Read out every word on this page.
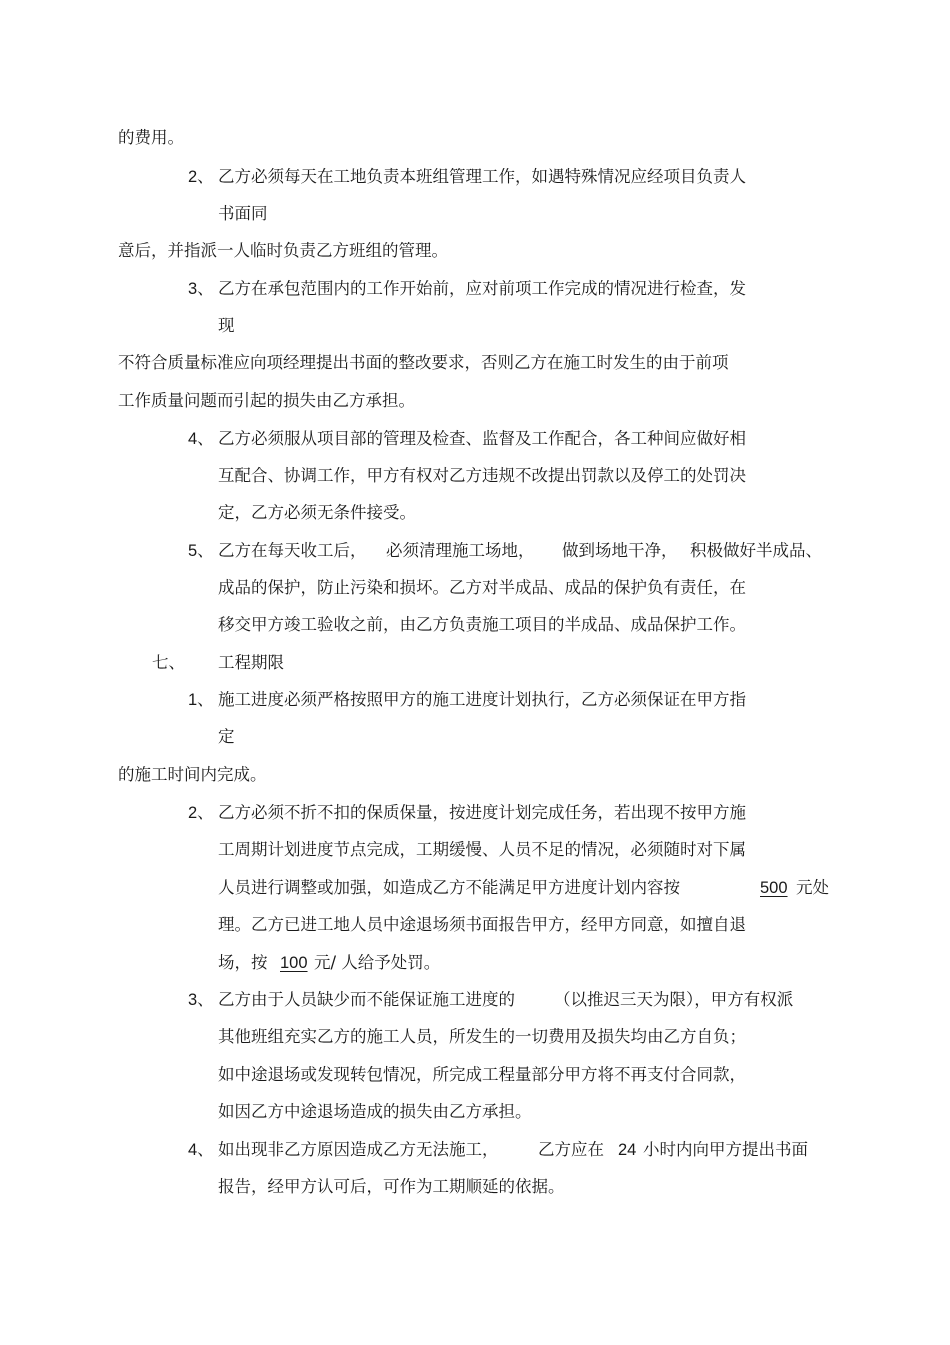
的费用。
2、 乙方必须每天在工地负责本班组管理工作，如遇特殊情况应经项目负责人
书面同
意后，并指派一人临时负责乙方班组的管理。
3、 乙方在承包范围内的工作开始前，应对前项工作完成的情况进行检查，发
现
不符合质量标准应向项经理提出书面的整改要求，否则乙方在施工时发生的由于前项
工作质量问题而引起的损失由乙方承担。
4、 乙方必须服从项目部的管理及检查、监督及工作配合，各工种间应做好相
互配合、协调工作，甲方有权对乙方违规不改提出罚款以及停工的处罚决
定，乙方必须无条件接受。
5、 乙方在每天收工后， 必须清理施工场地， 做到场地干净， 积极做好半成品、
成品的保护，防止污染和损坏。乙方对半成品、成品的保护负有责任，在
移交甲方竣工验收之前，由乙方负责施工项目的半成品、成品保护工作。
七、 工程期限
1、 施工进度必须严格按照甲方的施工进度计划执行，乙方必须保证在甲方指
定
的施工时间内完成。
2、 乙方必须不折不扣的保质保量，按进度计划完成任务，若出现不按甲方施
工周期计划进度节点完成，工期缓慢、人员不足的情况，必须随时对下属
人员进行调整或加强，如造成乙方不能满足甲方进度计划内容按	500 元处
理。乙方已进工地人员中途退场须书面报告甲方，经甲方同意，如擅自退
场，按 100 元/ 人给予处罚。
3、 乙方由于人员缺少而不能保证施工进度的 （以推迟三天为限），甲方有权派
其他班组充实乙方的施工人员，所发生的一切费用及损失均由乙方自负；
如中途退场或发现转包情况，所完成工程量部分甲方将不再支付合同款，
如因乙方中途退场造成的损失由乙方承担。
4、 如出现非乙方原因造成乙方无法施工， 乙方应在 24 小时内向甲方提出书面
报告，经甲方认可后，可作为工期顺延的依据。
